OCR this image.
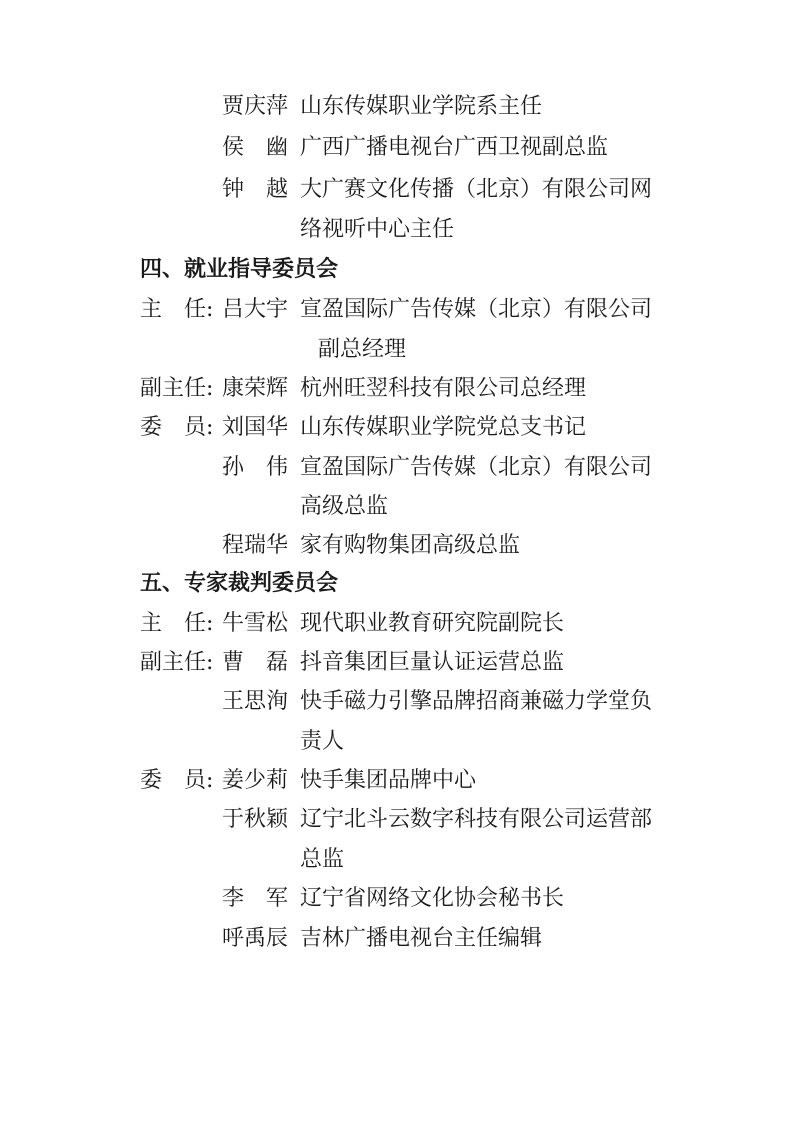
贾庆萍 山东传媒职业学院系主任
侯　幽 广西广播电视台广西卫视副总监
钟　越 大广赛文化传播（北京）有限公司网
络视听中心主任
四、就业指导委员会
主　任: 吕大宇 宣盈国际广告传媒（北京）有限公司
副总经理
副主任: 康荣辉 杭州旺翌科技有限公司总经理
委　员: 刘国华 山东传媒职业学院党总支书记
孙　伟 宣盈国际广告传媒（北京）有限公司
高级总监
程瑞华 家有购物集团高级总监
五、专家裁判委员会
主　任: 牛雪松 现代职业教育研究院副院长
副主任: 曹　磊 抖音集团巨量认证运营总监
王思洵 快手磁力引擎品牌招商兼磁力学堂负
责人
委　员: 姜少莉 快手集团品牌中心
于秋颖 辽宁北斗云数字科技有限公司运营部
总监
李　军 辽宁省网络文化协会秘书长
呼禹辰 吉林广播电视台主任编辑
